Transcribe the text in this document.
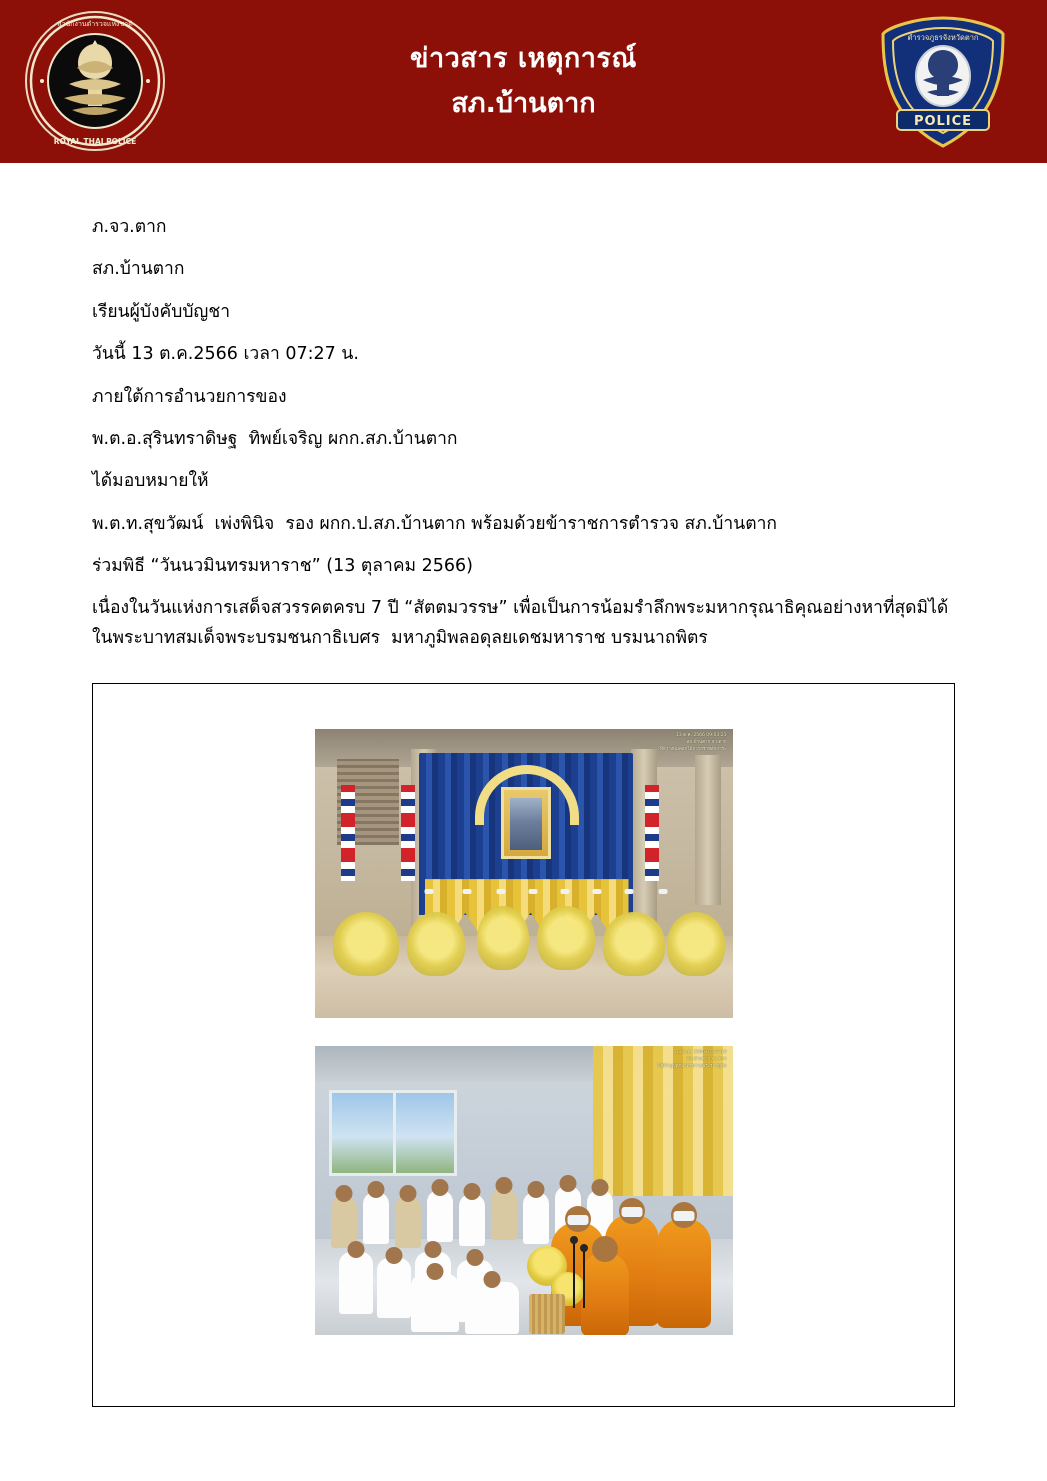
สำนักงานตำรวจแห่งชาติ
ROYAL THAI POLICE
ข่าวสาร เหตุการณ์
สภ.บ้านตาก
ตำรวจภูธรจังหวัดตาก
POLICE
ภ.จว.ตาก
สภ.บ้านตาก
เรียนผู้บังคับบัญชา
วันนี้ 13 ต.ค.2566 เวลา 07:27 น.
ภายใต้การอำนวยการของ
พ.ต.อ.สุรินทราดิษฐ  ทิพย์เจริญ ผกก.สภ.บ้านตาก
ได้มอบหมายให้
พ.ต.ท.สุขวัฒน์  เพ่งพินิจ  รอง ผกก.ป.สภ.บ้านตาก พร้อมด้วยข้าราชการตำรวจ สภ.บ้านตาก
ร่วมพิธี “วันนวมินทรมหาราช” (13 ตุลาคม 2566)
เนื่องในวันแห่งการเสด็จสวรรคตครบ 7 ปี “สัตตมวรรษ” เพื่อเป็นการน้อมรำลึกพระมหากรุณาธิคุณอย่างหาที่สุดมิได้
ในพระบาทสมเด็จพระบรมชนกาธิเบศร  มหาภูมิพลอดุลยเดชมหาราช บรมนาถพิตร
13 ต.ค. 2566 09:03:21
สภ.บ้านตาก จว.ตาก
พิธีวางพุ่มดอกไม้ถวายราชสักการะ
13 ต.ค. 2566 07:27:10
สภ.บ้านตาก จว.ตาก
พิธีทำบุญตักบาตรถวายพระราชกุศล
